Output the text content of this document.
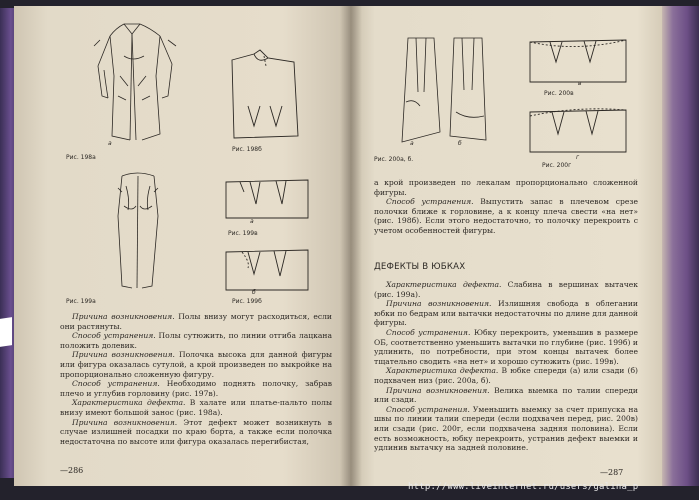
Рис. 198а
а
Рис. 198б
Рис. 199а
а
Рис. 199в
б
Рис. 199б

Причина возникновения. Полы внизу могут расходиться, если они растянуты.

Способ устранения. Полы сутюжить, по линии отгиба лацкана положить долевик.

Причина возникновения. Полочка высока для данной фигуры или фигура оказалась сутулой, а крой произведен по выкройке на пропорционально сложенную фигуру.

Способ устранения. Необходимо поднять полочку, забрав плечо и углубив горловину (рис. 197в).

Характеристика дефекта. В халате или платье-пальто полы внизу имеют большой занос (рис. 198а).

Причина возникновения. Этот дефект может возникнуть в случае излишней посадки по краю борта, а также если полочка недостаточна по высоте или фигура оказалась перегибистая,

—286
а	б
Рис. 200а, б.
в
Рис. 200в
г
Рис. 200г

а крой произведен по лекалам пропорционально сложенной фигуры.

Способ устранения. Выпустить запас в плечевом срезе полочки ближе к горловине, а к концу плеча свести «на нет» (рис. 198б). Если этого недостаточно, то полочку перекроить с учетом особенностей фигуры.

ДЕФЕКТЫ В ЮБКАХ

Характеристика дефекта. Слабина в вершинах вытачек (рис. 199а).

Причина возникновения. Излишняя свобода в облегании юбки по бедрам или вытачки недостаточны по длине для данной фигуры.

Способ устранения. Юбку перекроить, уменьшив в размере ОБ, соответственно уменьшить вытачки по глубине (рис. 199б) и удлинить, по потребности, при этом концы вытачек более тщательно сводить «на нет» и хорошо сутюжить (рис. 199в).

Характеристика дефекта. В юбке спереди (а) или сзади (б) подхвачен низ (рис. 200а, б).

Причина возникновения. Велика выемка по талии спереди или сзади.

Способ устранения. Уменьшить выемку за счет припуска на швы по линии талии спереди (если подхвачен перед, рис. 200в) или сзади (рис. 200г, если подхвачена задняя половина). Если есть возможность, юбку перекроить, устранив дефект выемки и удлинив вытачку на задней половине.

—287
http://www.liveinternet.ru/users/galina_p
